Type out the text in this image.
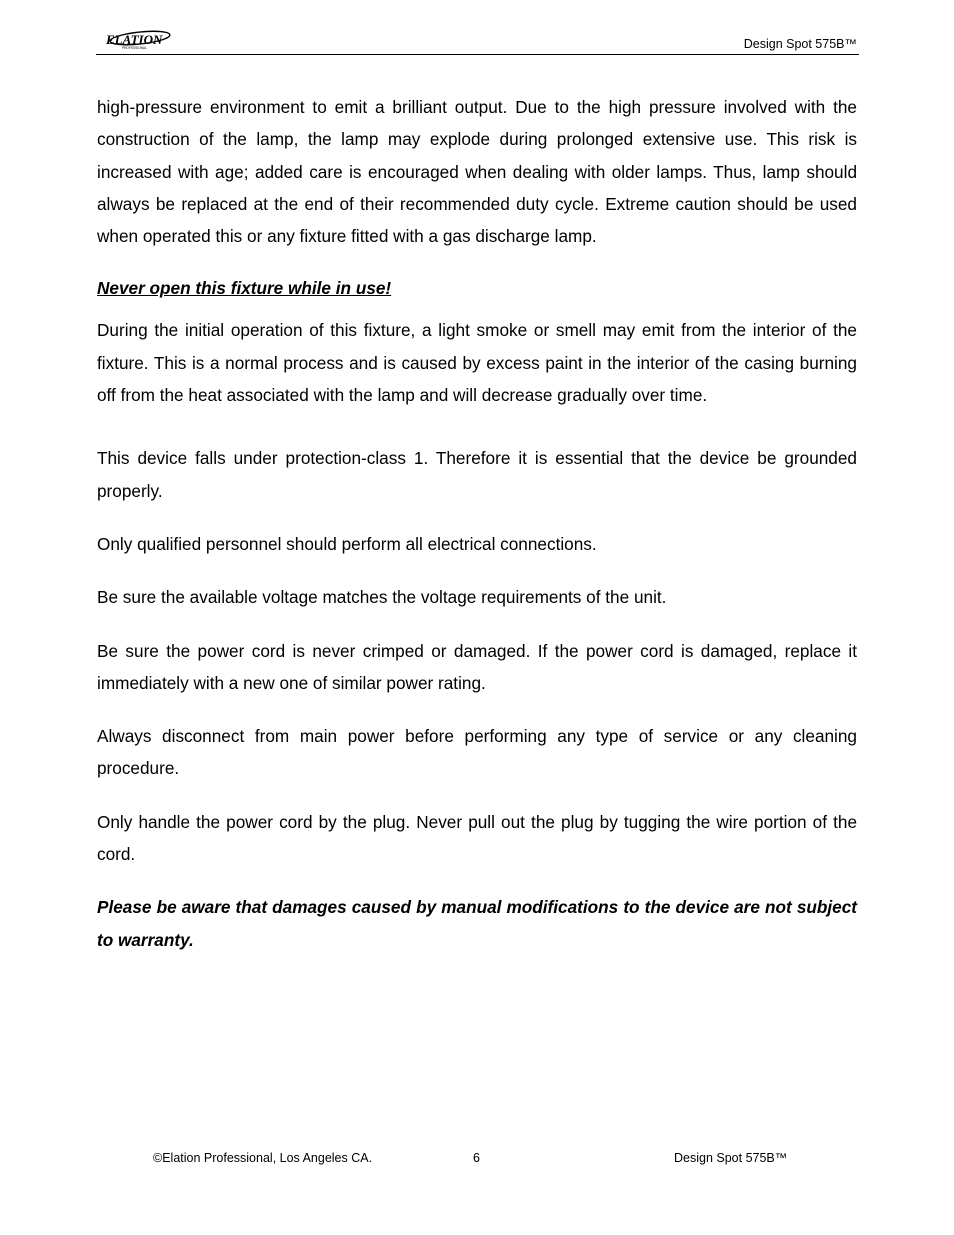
ELATION
PROFESSIONAL	Design Spot 575B™

high-pressure environment to emit a brilliant output. Due to the high pressure involved with the construction of the lamp, the lamp may explode during prolonged extensive use. This risk is increased with age; added care is encouraged when dealing with older lamps. Thus, lamp should always be replaced at the end of their recommended duty cycle. Extreme caution should be used when operated this or any fixture fitted with a gas discharge lamp.

Never open this fixture while in use!

During the initial operation of this fixture, a light smoke or smell may emit from the interior of the fixture. This is a normal process and is caused by excess paint in the interior of the casing burning off from the heat associated with the lamp and will decrease gradually over time.

This device falls under protection-class 1. Therefore it is essential that the device be grounded properly.

Only qualified personnel should perform all electrical connections.

Be sure the available voltage matches the voltage requirements of the unit.

Be sure the power cord is never crimped or damaged. If the power cord is damaged, replace it immediately with a new one of similar power rating.

Always disconnect from main power before performing any type of service or any cleaning procedure.

Only handle the power cord by the plug. Never pull out the plug by tugging the wire portion of the cord.

Please be aware that damages caused by manual modifications to the device are not subject to warranty.

©Elation Professional, Los Angeles CA.	6	Design Spot 575B™
